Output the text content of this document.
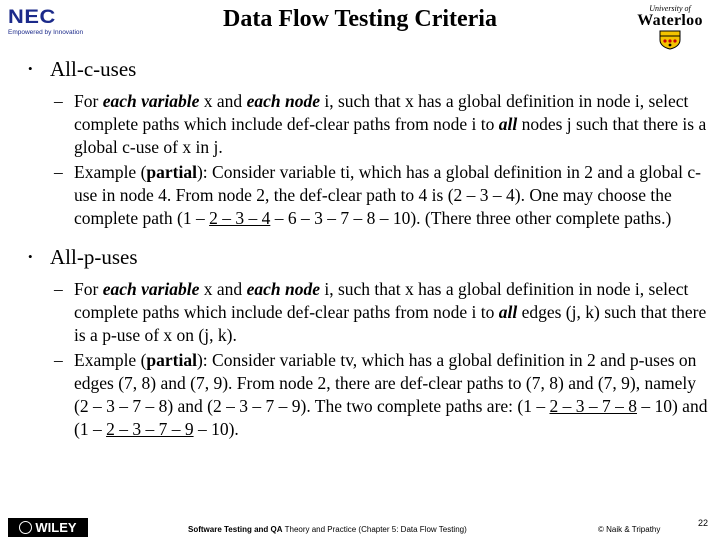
NEC
Empowered by Innovation
Data Flow Testing Criteria	University of
Waterloo
• All-c-uses
– For each variable x and each node i, such that x has a global definition in node i, select complete paths which include def-clear paths from node i to all nodes j such that there is a global c-use of x in j.
– Example (partial): Consider variable ti, which has a global definition in 2 and a global c-use in node 4. From node 2, the def-clear path to 4 is (2 – 3 – 4). One may choose the complete path (1 – 2 – 3 – 4 – 6 – 3 – 7 – 8 – 10). (There three other complete paths.)
• All-p-uses
– For each variable x and each node i, such that x has a global definition in node i, select complete paths which include def-clear paths from node i to all edges (j, k) such that there is a p-use of x on (j, k).
– Example (partial): Consider variable tv, which has a global definition in 2 and p-uses on edges (7, 8) and (7, 9). From node 2, there are def-clear paths to (7, 8) and (7, 9), namely (2 – 3 – 7 – 8) and (2 – 3 – 7 – 9). The two complete paths are: (1 – 2 – 3 – 7 – 8 – 10) and (1 – 2 – 3 – 7 – 9 – 10).
WILEY	Software Testing and QA Theory and Practice (Chapter 5: Data Flow Testing)	© Naik & Tripathy
22
